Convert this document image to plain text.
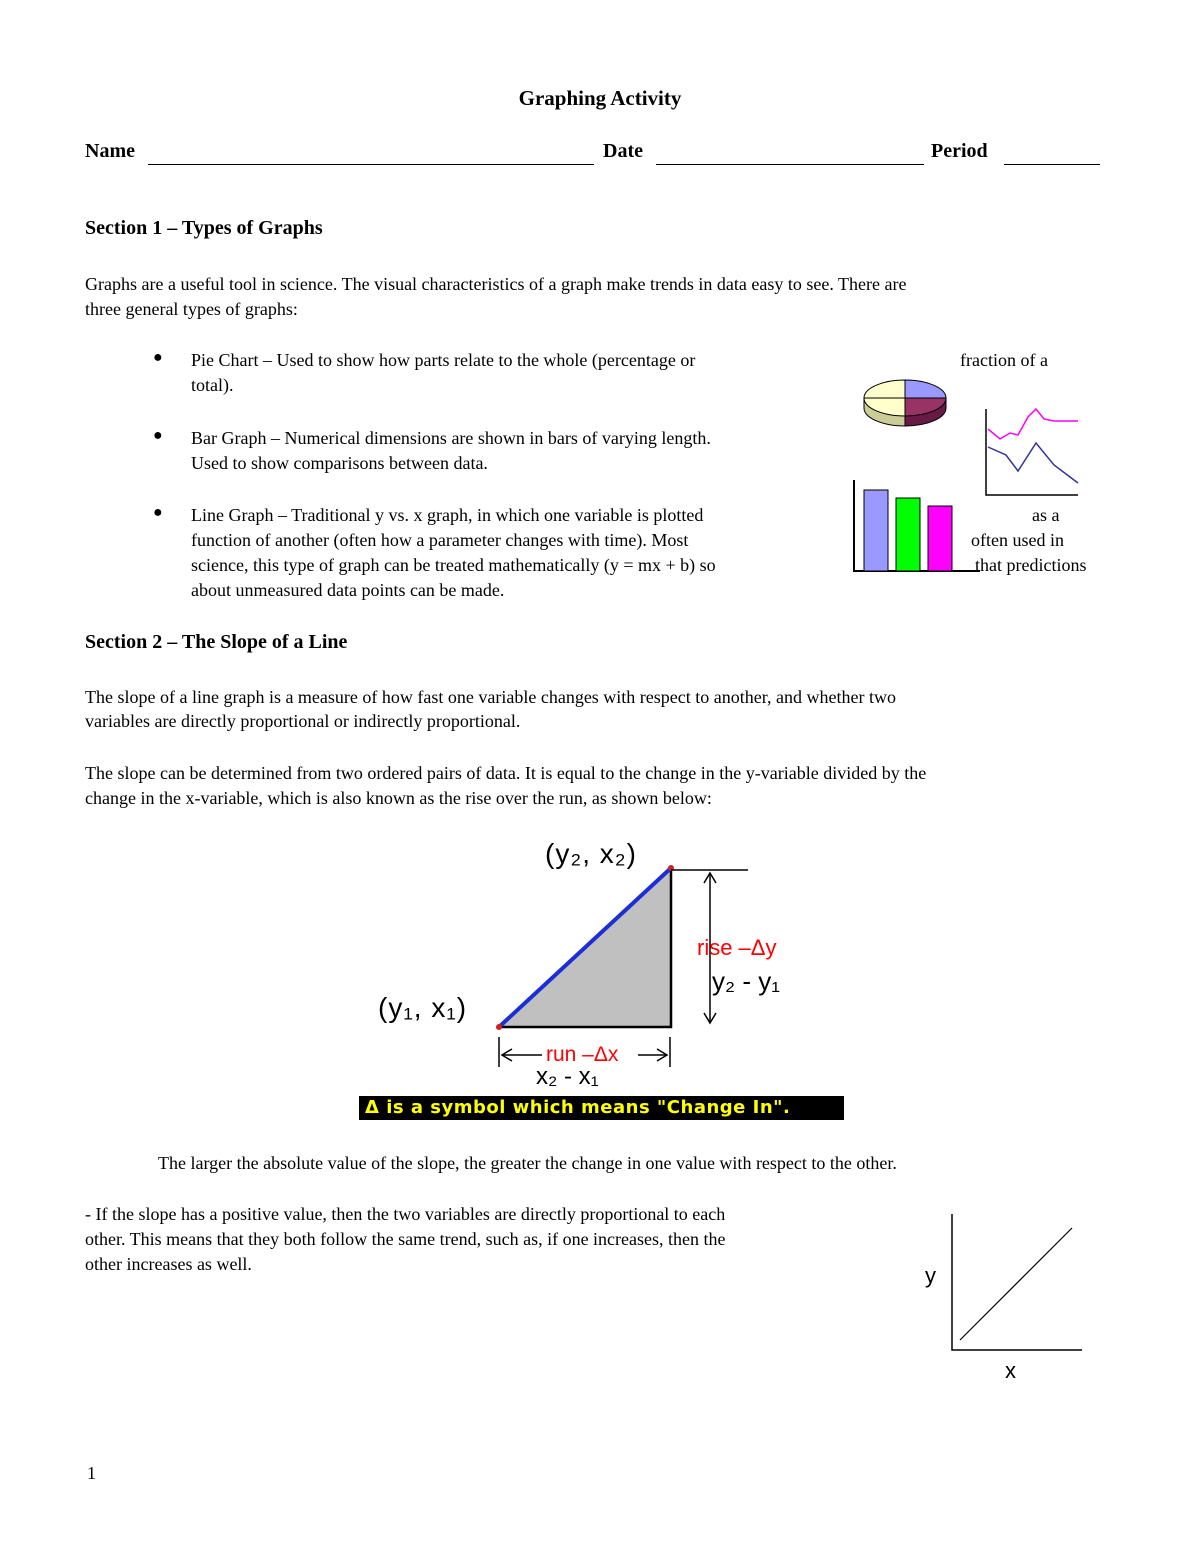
Graphing Activity
Name	Date	Period
Section 1 – Types of Graphs
Graphs are a useful tool in science. The visual characteristics of a graph make trends in data easy to see. There are
three general types of graphs:
● Pie Chart – Used to show how parts relate to the whole (percentage or
total).
fraction of a
● Bar Graph – Numerical dimensions are shown in bars of varying length.
Used to show comparisons between data.
● Line Graph – Traditional y vs. x graph, in which one variable is plotted
function of another (often how a parameter changes with time). Most
science, this type of graph can be treated mathematically (y = mx + b) so
about unmeasured data points can be made.
as a
often used in
that predictions
Section 2 – The Slope of a Line
The slope of a line graph is a measure of how fast one variable changes with respect to another, and whether two
variables are directly proportional or indirectly proportional.
The slope can be determined from two ordered pairs of data. It is equal to the change in the y-variable divided by the
change in the x-variable, which is also known as the rise over the run, as shown below:
(y₂, x₂)
(y₁, x₁)
rise –Δy
y₂ - y₁
run –Δx
x₂ - x₁
Δ is a symbol which means "Change In".
The larger the absolute value of the slope, the greater the change in one value with respect to the other.
- If the slope has a positive value, then the two variables are directly proportional to each
other. This means that they both follow the same trend, such as, if one increases, then the
other increases as well.	y
x
1
